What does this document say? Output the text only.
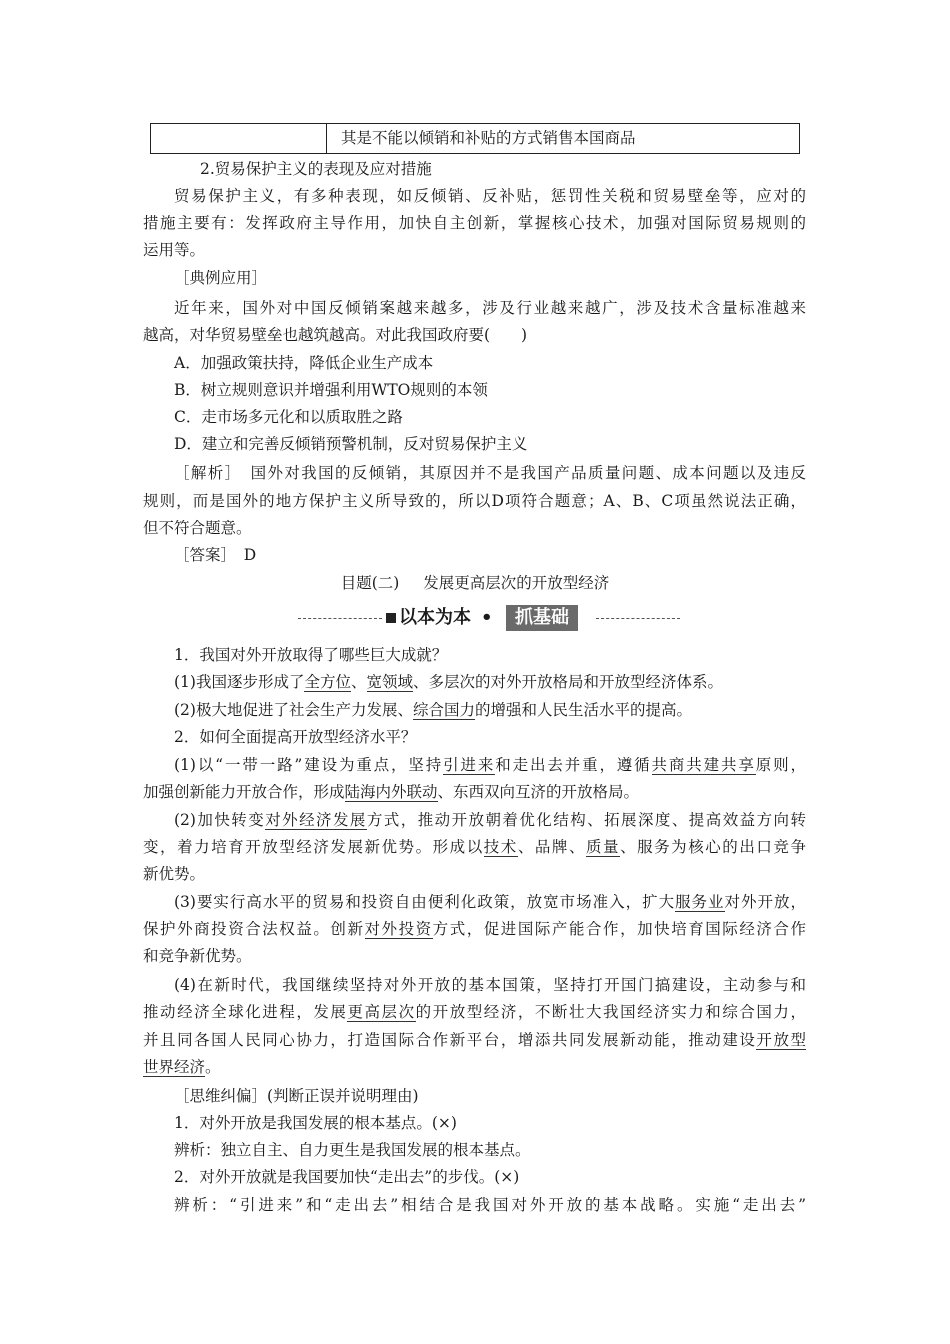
其是不能以倾销和补贴的方式销售本国商品
2.贸易保护主义的表现及应对措施
贸易保护主义，有多种表现，如反倾销、反补贴，惩罚性关税和贸易壁垒等，应对的
措施主要有：发挥政府主导作用，加快自主创新，掌握核心技术，加强对国际贸易规则的
运用等。
［典例应用］
近年来，国外对中国反倾销案越来越多，涉及行业越来越广，涉及技术含量标准越来
越高，对华贸易壁垒也越筑越高。对此我国政府要(　　)
A．加强政策扶持，降低企业生产成本
B．树立规则意识并增强利用WTO规则的本领
C．走市场多元化和以质取胜之路
D．建立和完善反倾销预警机制，反对贸易保护主义
［解析］　国外对我国的反倾销，其原因并不是我国产品质量问题、成本问题以及违反
规则，而是国外的地方保护主义所导致的，所以D项符合题意；A、B、C项虽然说法正确，
但不符合题意。
［答案］　D
目题(二) 发展更高层次的开放型经济
以本为本 •	抓基础
1．我国对外开放取得了哪些巨大成就？
(1)我国逐步形成了全方位、宽领域、多层次的对外开放格局和开放型经济体系。
(2)极大地促进了社会生产力发展、综合国力的增强和人民生活水平的提高。
2．如何全面提高开放型经济水平？
(1)以“一带一路”建设为重点，坚持引进来和走出去并重，遵循共商共建共享原则，
加强创新能力开放合作，形成陆海内外联动、东西双向互济的开放格局。
(2)加快转变对外经济发展方式，推动开放朝着优化结构、拓展深度、提高效益方向转
变，着力培育开放型经济发展新优势。形成以技术、品牌、质量、服务为核心的出口竞争
新优势。
(3)要实行高水平的贸易和投资自由便利化政策，放宽市场准入，扩大服务业对外开放，
保护外商投资合法权益。创新对外投资方式，促进国际产能合作，加快培育国际经济合作
和竞争新优势。
(4)在新时代，我国继续坚持对外开放的基本国策，坚持打开国门搞建设，主动参与和
推动经济全球化进程，发展更高层次的开放型经济，不断壮大我国经济实力和综合国力，
并且同各国人民同心协力，打造国际合作新平台，增添共同发展新动能，推动建设开放型
世界经济。
［思维纠偏］(判断正误并说明理由)
1．对外开放是我国发展的根本基点。(×)
辨析：独立自主、自力更生是我国发展的根本基点。
2．对外开放就是我国要加快“走出去”的步伐。(×)
辨析：“引进来”和“走出去”相结合是我国对外开放的基本战略。实施“走出去”
